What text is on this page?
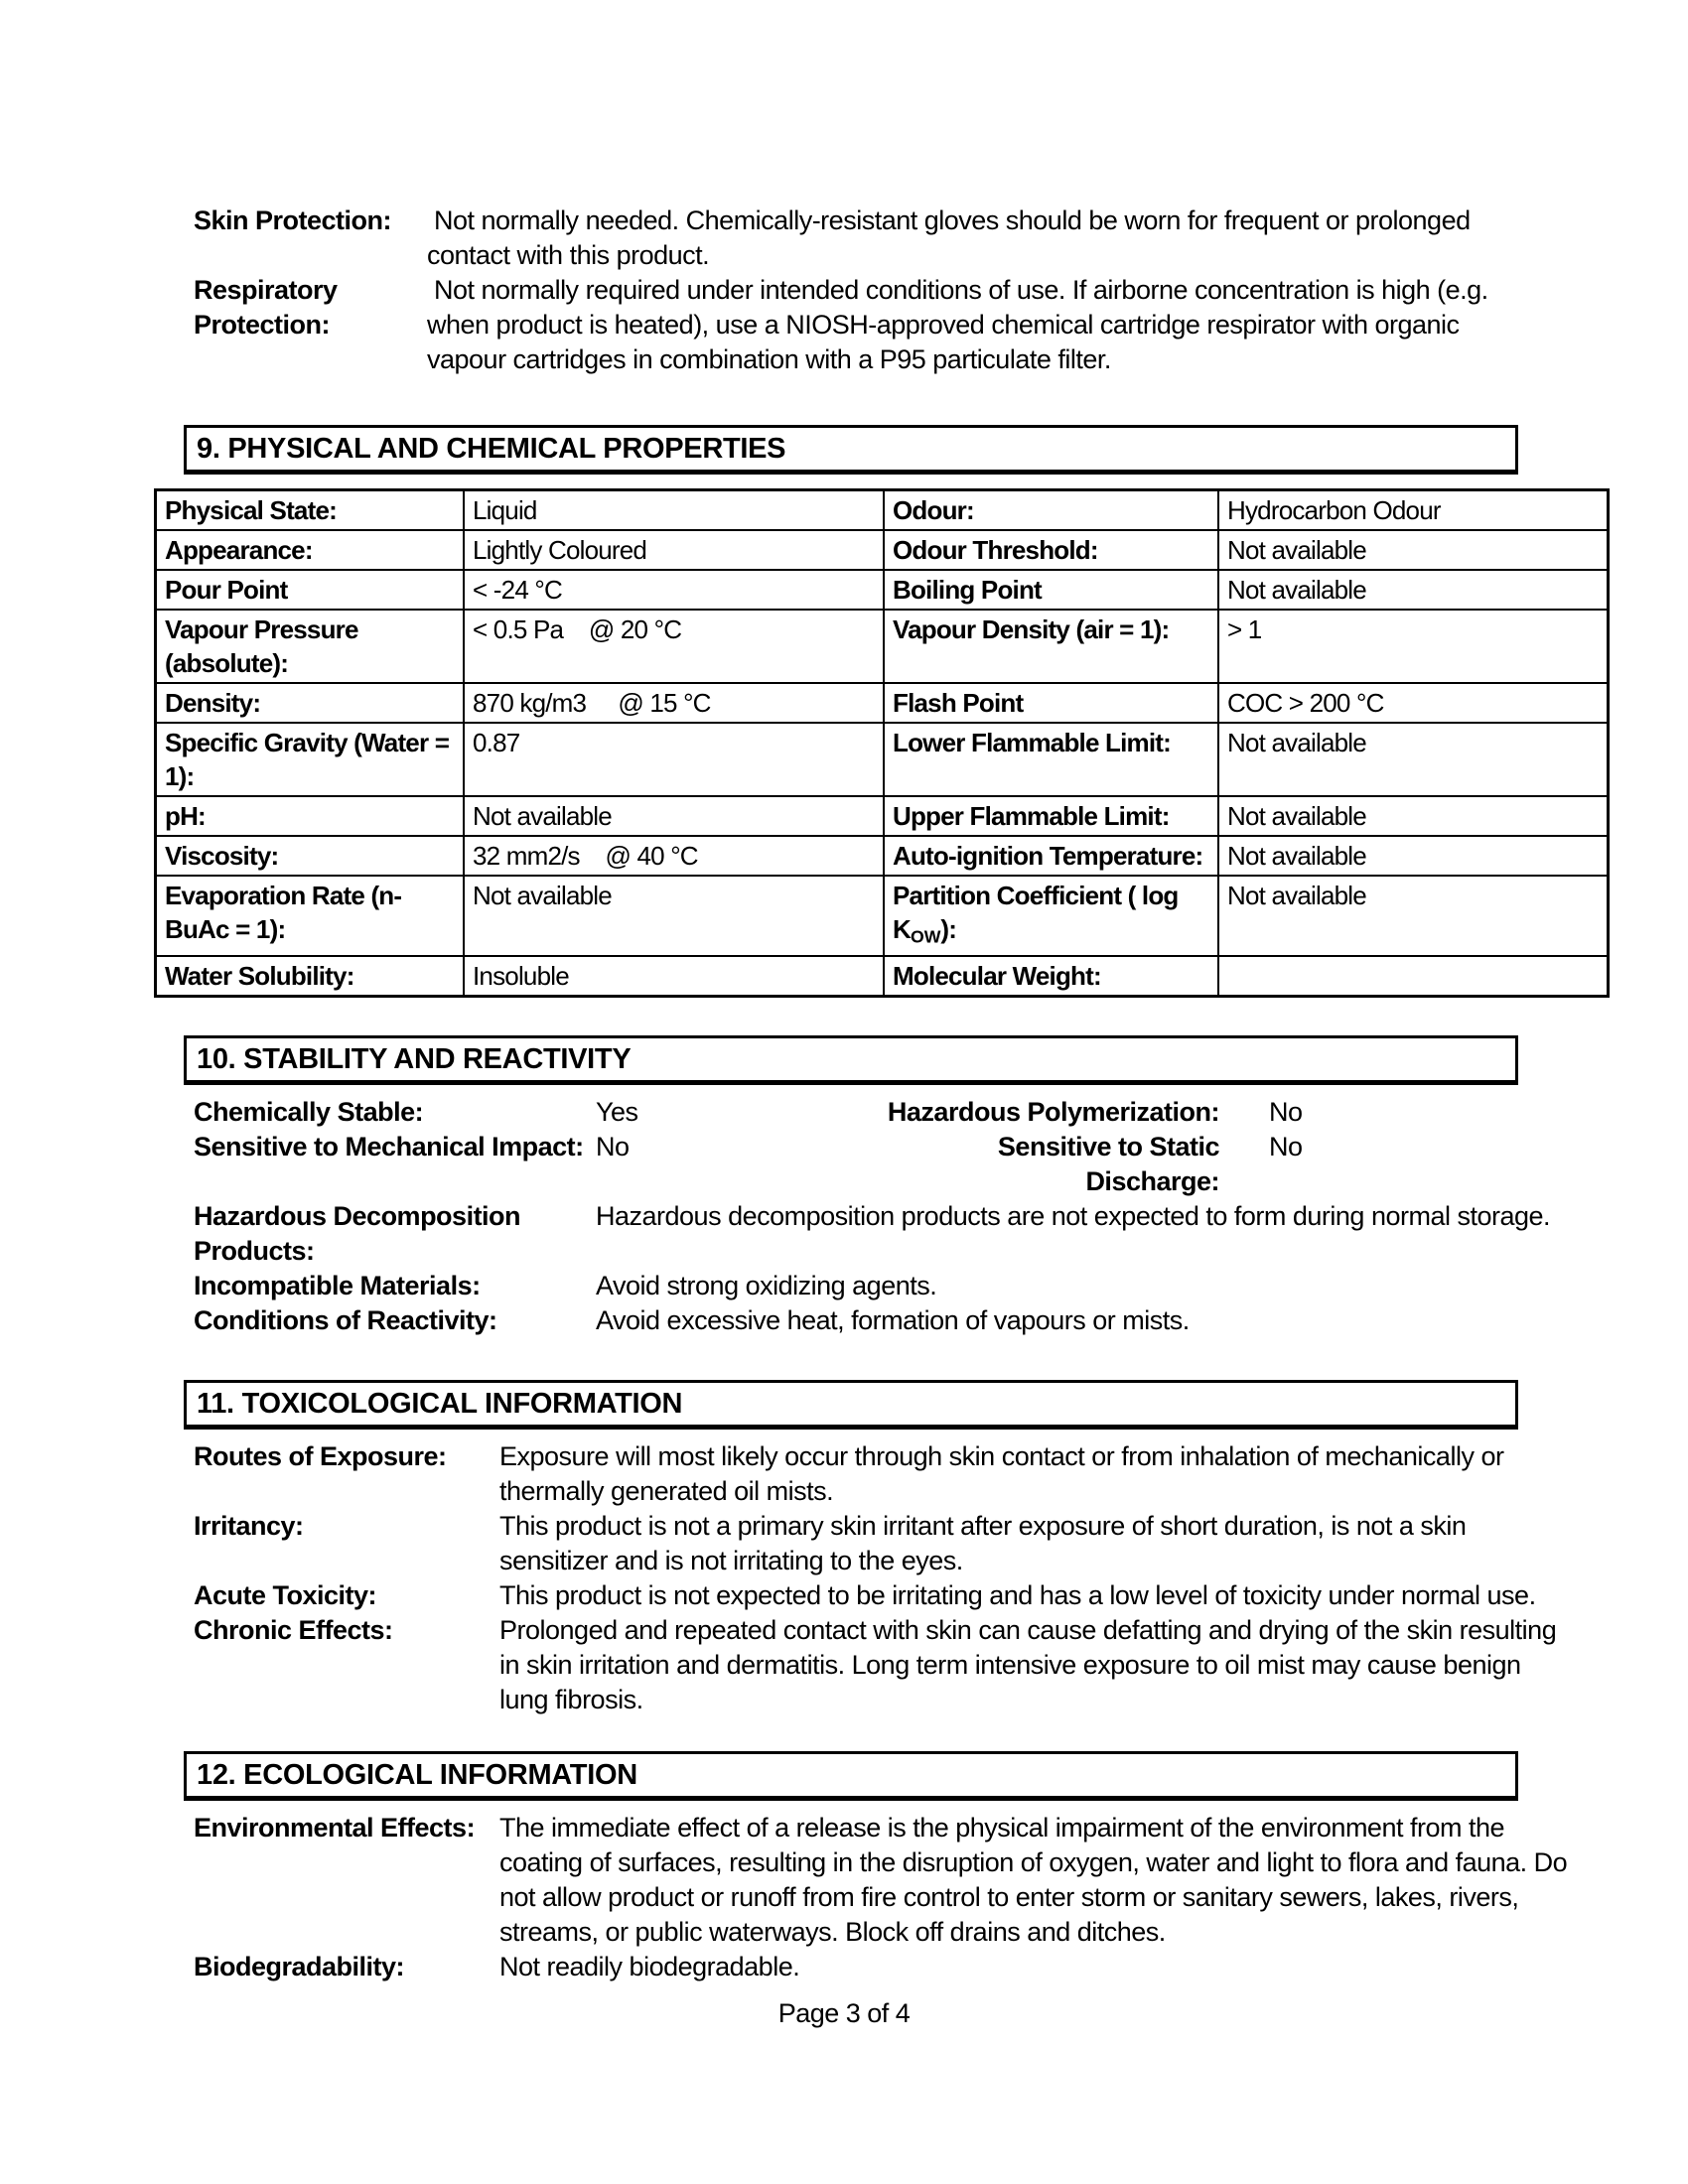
Skin Protection:	Not normally needed. Chemically-resistant gloves should be worn for frequent or prolonged contact with this product.
Respiratory Protection:
Not normally required under intended conditions of use. If airborne concentration is high (e.g. when product is heated), use a NIOSH-approved chemical cartridge respirator with organic vapour cartridges in combination with a P95 particulate filter.
9. PHYSICAL AND CHEMICAL PROPERTIES
Physical State:	Liquid	Odour:	Hydrocarbon Odour
Appearance:	Lightly Coloured	Odour Threshold:	Not available
Pour Point	< -24 °C	Boiling Point	Not available
Vapour Pressure (absolute):	< 0.5 Pa    @ 20 °C	Vapour Density (air = 1):	> 1
Density:	870 kg/m3     @ 15 °C	Flash Point	COC > 200 °C
Specific Gravity (Water = 1):	0.87	Lower Flammable Limit:	Not available
pH:	Not available	Upper Flammable Limit:	Not available
Viscosity:	32 mm2/s    @ 40 °C	Auto-ignition Temperature:	Not available
Evaporation Rate (n-BuAc = 1):	Not available	Partition Coefficient ( $\log K_{OW}$):	Not available
Water Solubility:	Insoluble	Molecular Weight:	
10. STABILITY AND REACTIVITY
Chemically Stable:	Yes	Hazardous Polymerization:	No
Sensitive to Mechanical Impact: No	Sensitive to Static Discharge:
No
Hazardous Decomposition Products:
Hazardous decomposition products are not expected to form during normal storage.
Incompatible Materials:	Avoid strong oxidizing agents.
Conditions of Reactivity:	Avoid excessive heat, formation of vapours or mists.
11. TOXICOLOGICAL INFORMATION
Routes of Exposure:	Exposure will most likely occur through skin contact or from inhalation of mechanically or thermally generated oil mists.
Irritancy:	This product is not a primary skin irritant after exposure of short duration, is not a skin sensitizer and is not irritating to the eyes.
Acute Toxicity:	This product is not expected to be irritating and has a low level of toxicity under normal use.
Chronic Effects:	Prolonged and repeated contact with skin can cause defatting and drying of the skin resulting in skin irritation and dermatitis. Long term intensive exposure to oil mist may cause benign lung fibrosis.
12. ECOLOGICAL INFORMATION
Environmental Effects: The immediate effect of a release is the physical impairment of the environment from the coating of surfaces, resulting in the disruption of oxygen, water and light to flora and fauna. Do not allow product or runoff from fire control to enter storm or sanitary sewers, lakes, rivers, streams, or public waterways. Block off drains and ditches.
Biodegradability:	Not readily biodegradable.
Page 3 of 4
